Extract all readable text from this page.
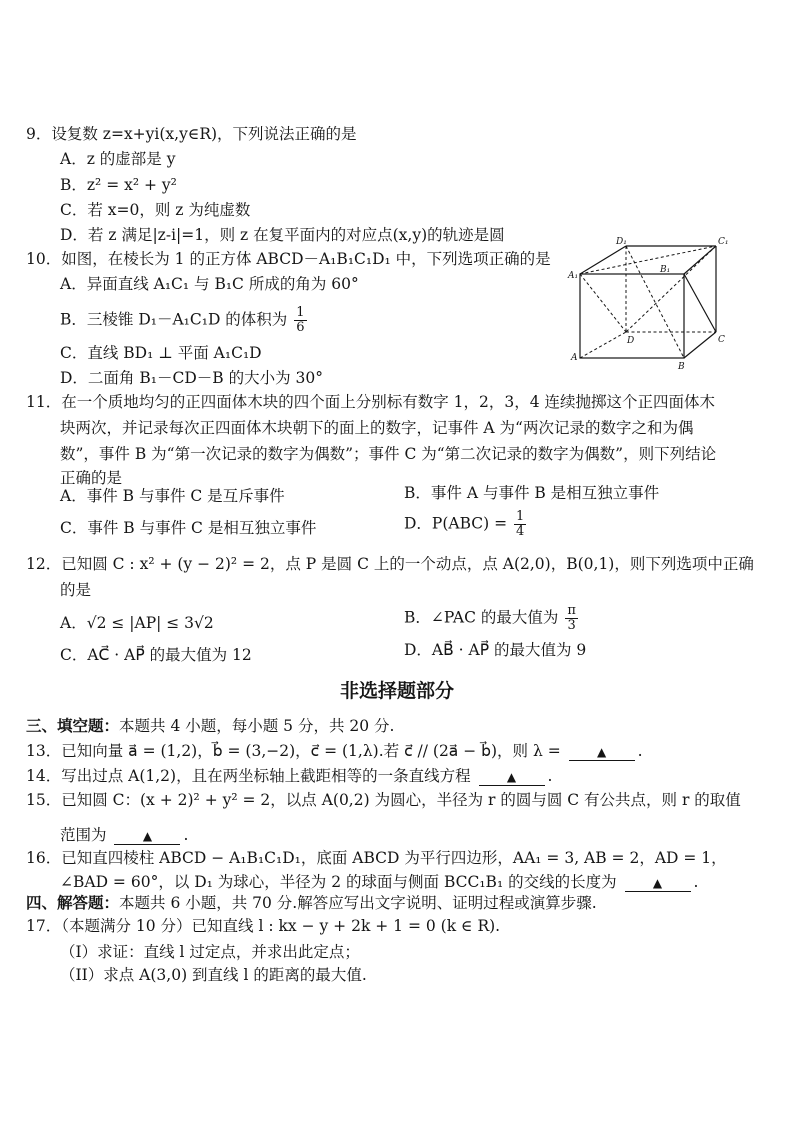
9．设复数 z=x+yi(x,y∈R)，下列说法正确的是
A．z 的虚部是 y
B．z² = x² + y²
C．若 x=0，则 z 为纯虚数
D．若 z 满足|z-i|=1，则 z 在复平面内的对应点(x,y)的轨迹是圆
10．如图，在棱长为 1 的正方体 ABCD－A₁B₁C₁D₁ 中，下列选项正确的是
A．异面直线 A₁C₁ 与 B₁C 所成的角为 60°
B．三棱锥 D₁－A₁C₁D 的体积为 $\frac{1}{6}$
C．直线 BD₁ ⊥ 平面 A₁C₁D
D．二面角 B₁－CD－B 的大小为 30°
D₁	C₁
A₁
B₁
D
A
C
B
11．在一个质地均匀的正四面体木块的四个面上分别标有数字 1，2，3，4 连续抛掷这个正四面体木
块两次，并记录每次正四面体木块朝下的面上的数字，记事件 A 为“两次记录的数字之和为偶
数”，事件 B 为“第一次记录的数字为偶数”；事件 C 为“第二次记录的数字为偶数”，则下列结论
正确的是
A．事件 B 与事件 C 是互斥事件	B．事件 A 与事件 B 是相互独立事件
C．事件 B 与事件 C 是相互独立事件	D．$P(ABC) = \frac{1}{4}$
12．已知圆 C : x² + (y − 2)² = 2，点 P 是圆 C 上的一个动点，点 A(2,0)，B(0,1)，则下列选项中正确
的是
A．√2 ≤ |AP| ≤ 3√2	B．∠PAC 的最大值为 $\frac{\pi}{3}$
C．AC⃗ · AP⃗ 的最大值为 12	D．AB⃗ · AP⃗ 的最大值为 9
非选择题部分
三、填空题：本题共 4 小题，每小题 5 分，共 20 分.
13．已知向量 a⃗ = (1,2)，b⃗ = (3,−2)，c⃗ = (1,λ).若 c⃗ // (2a⃗ − b⃗)，则 λ =	▲ .
14．写出过点 A(1,2)，且在两坐标轴上截距相等的一条直线方程	▲ .
15．已知圆 C：(x + 2)² + y² = 2，以点 A(0,2) 为圆心，半径为 r 的圆与圆 C 有公共点，则 r 的取值
范围为	▲ .
16．已知直四棱柱 ABCD − A₁B₁C₁D₁，底面 ABCD 为平行四边形，AA₁ = 3, AB = 2，AD = 1，
∠BAD = 60°，以 D₁ 为球心，半径为 2 的球面与侧面 BCC₁B₁ 的交线的长度为	▲ .
四、解答题：本题共 6 小题，共 70 分.解答应写出文字说明、证明过程或演算步骤.
17．（本题满分 10 分）已知直线 l : kx − y + 2k + 1 = 0 (k ∈ R).
（I）求证：直线 l 过定点，并求出此定点；
（II）求点 A(3,0) 到直线 l 的距离的最大值.
